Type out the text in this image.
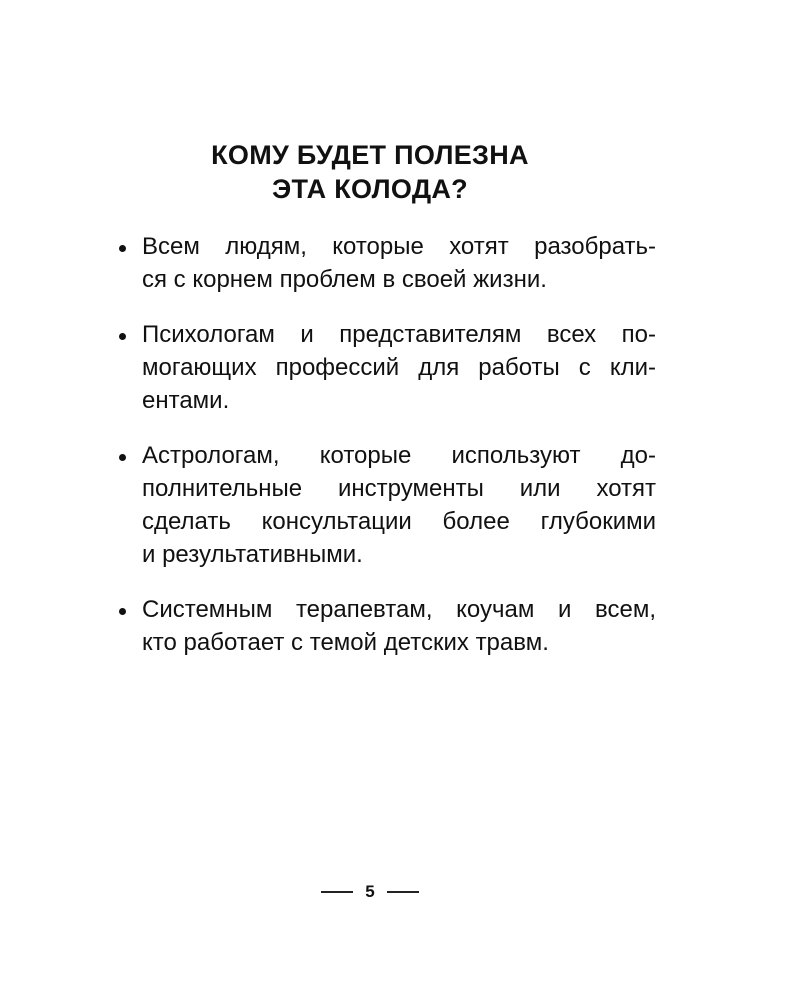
КОМУ БУДЕТ ПОЛЕЗНА
ЭТА КОЛОДА?
Всем людям, которые хотят разобрать-
ся с корнем проблем в своей жизни.
Психологам и представителям всех по-
могающих профессий для работы с кли-
ентами.
Астрологам, которые используют до-
полнительные инструменты или хотят
сделать консультации более глубокими
и результативными.
Системным терапевтам, коучам и всем,
кто работает с темой детских травм.
5
